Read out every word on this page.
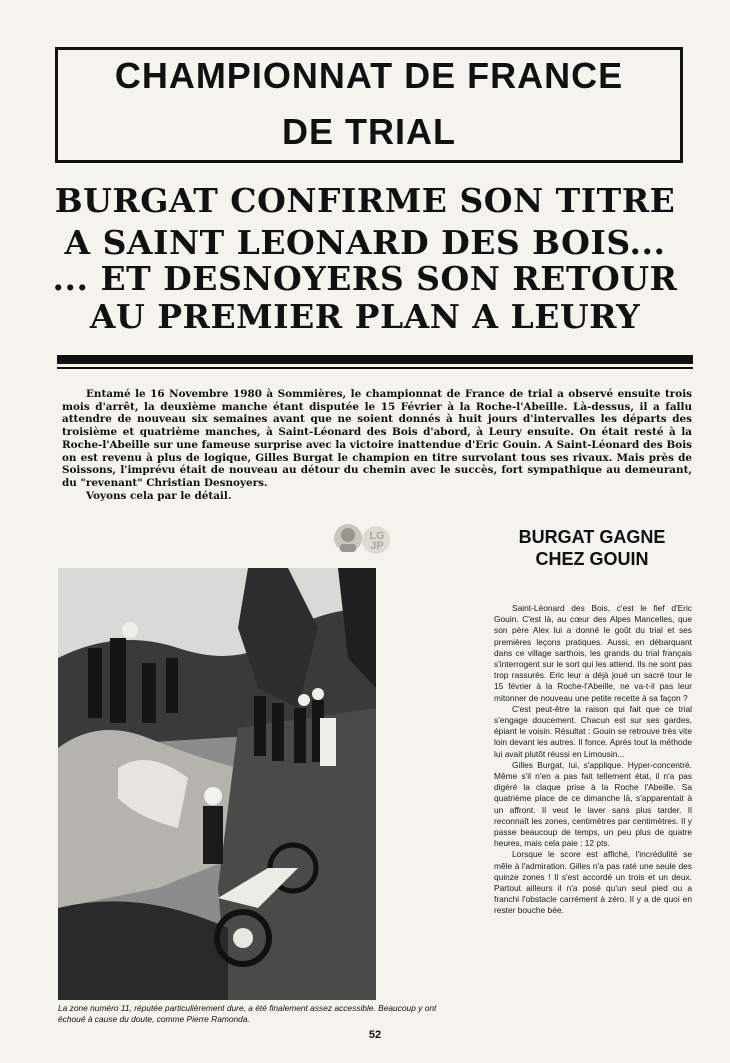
CHAMPIONNAT DE FRANCE
DE TRIAL
BURGAT CONFIRME SON TITRE
A SAINT LEONARD DES BOIS...
... ET DESNOYERS SON RETOUR
AU PREMIER PLAN A LEURY

Entamé le 16 Novembre 1980 à Sommières, le championnat de France de trial a observé ensuite trois mois d'arrêt, la deuxième manche étant disputée le 15 Février à la Roche-l'Abeille. Là-dessus, il a fallu attendre de nouveau six semaines avant que ne soient donnés à huit jours d'intervalles les départs des troisième et quatrième manches, à Saint-Léonard des Bois d'abord, à Leury ensuite. On était resté à la Roche-l'Abeille sur une fameuse surprise avec la victoire inattendue d'Eric Gouin. A Saint-Léonard des Bois on est revenu à plus de logique, Gilles Burgat le champion en titre survolant tous ses rivaux. Mais près de Soissons, l'imprévu était de nouveau au détour du chemin avec le succès, fort sympathique au demeurant, du "revenant" Christian Desnoyers.

Voyons cela par le détail.

LG JP	BURGAT GAGNE
CHEZ GOUIN
La zone numéro 11, réputée particulièrement dure, a été finalement assez accessible. Beaucoup y ont échoué à cause du doute, comme Pierre Ramonda.

Saint-Léonard des Bois, c'est le fief d'Eric Gouin. C'est là, au cœur des Alpes Mancelles, que son père Alex lui a donné le goût du trial et ses premières leçons pratiques. Aussi, en débarquant dans ce village sarthois, les grands du trial français s'interrogent sur le sort qui les attend. Ils ne sont pas trop rassurés. Eric leur a déjà joué un sacré tour le 15 février à la Roche-l'Abeille, ne va-t-il pas leur mitonner de nouveau une petite recette à sa façon ?

C'est peut-être la raison qui fait que ce trial s'engage doucement. Chacun est sur ses gardes, épiant le voisin. Résultat : Gouin se retrouve très vite loin devant les autres. Il fonce. Après tout la méthode lui avait plutôt réussi en Limousin...

Gilles Burgat, lui, s'applique. Hyper-concentré. Même s'il n'en a pas fait tellement état, il n'a pas digéré la claque prise à la Roche l'Abeille. Sa quatrième place de ce dimanche là, s'apparentait à un affront. Il veut le laver sans plus tarder. Il reconnaît les zones, centimètres par centimètres. Il y passe beaucoup de temps, un peu plus de quatre heures, mais cela paie : 12 pts.

Lorsque le score est affiché, l'incrédulité se mêle à l'admiration. Gilles n'a pas raté une seule des quinze zones ! Il s'est accordé un trois et un deux. Partout ailleurs il n'a posé qu'un seul pied ou a franchi l'obstacle carrément à zéro. Il y a de quoi en rester bouche bée.

52
